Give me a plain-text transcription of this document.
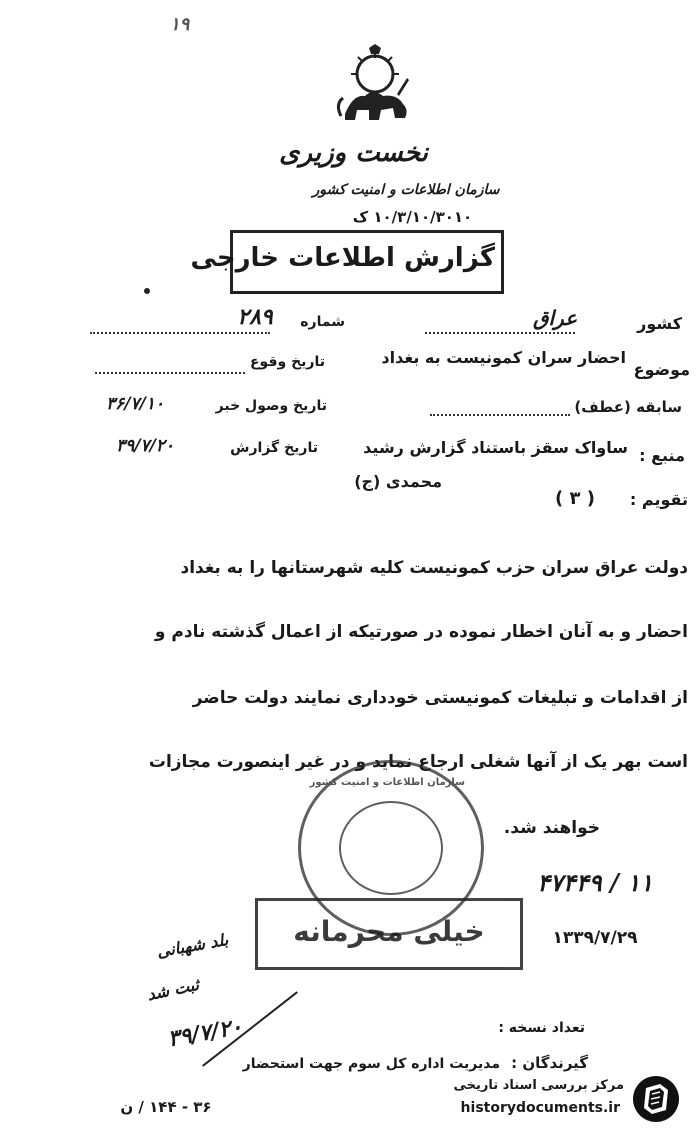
۱۹
نخست وزیری
سازمان اطلاعات و امنیت کشور
۱۰/۳/۱۰/۳۰۱۰ ک
گزارش اطلاعات خارجی
کشور
عراق
شماره
۲۸۹
موضوع
احضار سران کمونیست به بغداد
تاریخ وقوع
سابقه (عطف)
تاریخ وصول خبر
۳۶/۷/۱۰
منبع :
ساواک سقز باستناد گزارش رشید
محمدی (ج)
تاریخ گزارش
۳۹/۷/۲۰
تقویم :
( ۳ )
دولت عراق سران حزب کمونیست کلیه شهرستانها را به بغداد
احضار و به آنان اخطار نموده در صورتیکه از اعمال گذشته نادم و
از اقدامات و تبلیغات کمونیستی خودداری نمایند دولت حاضر
است بهر یک از آنها شغلی ارجاع نماید و در غیر اینصورت مجازات
خواهند شد.
سازمان اطلاعات و امنیت کشور
۴۷۴۴۹ / ۱۱
۱۳۳۹/۷/۲۹
خیلی محرمانه
بلد شهبانی
ثبت شد
۳۹/۷/۲۰	تعداد نسخه :
گیرندگان :
مدیریت اداره کل سوم جهت استحضار
۳۶ - ۱۴۴ / ن
مرکز بررسی اسناد تاریخی
historydocuments.ir
